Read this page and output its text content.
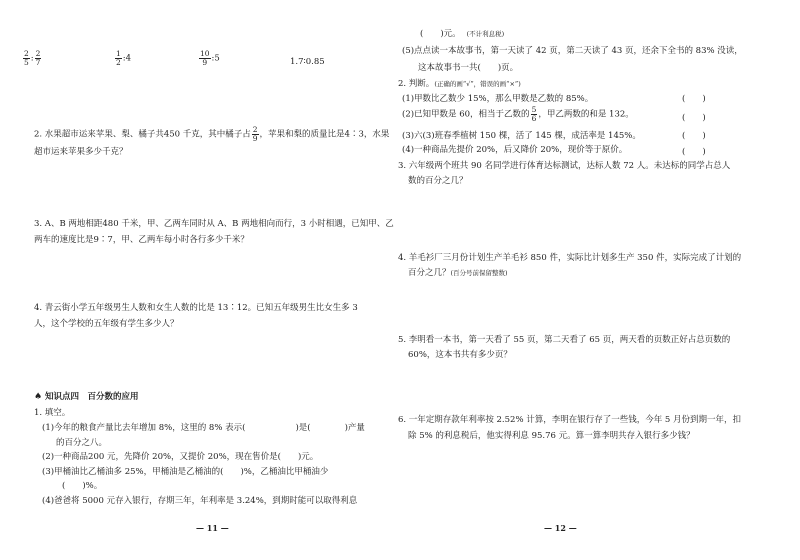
$\frac{2}{5}$ : $\frac{2}{7}$	$\frac{1}{2}$ :4	$\frac{10}{9}$ :5	1.7∶0.85
2. 水果超市运来苹果、梨、橘子共450 千克，其中橘子占 $\frac{2}{9}$ ，苹果和梨的质量比是4∶3，水果
超市运来苹果多少千克？
3. A、B 两地相距480 千米，甲、乙两车同时从 A、B 两地相向而行，3 小时相遇，已知甲、乙
两车的速度比是9∶7，甲、乙两车每小时各行多少千米？
4. 青云街小学五年级男生人数和女生人数的比是 13∶12。已知五年级男生比女生多 3
人，这个学校的五年级有学生多少人？
♠ 知识点四　百分数的应用
1. 填空。
(1)今年的粮食产量比去年增加 8%，这里的 8% 表示(	)是(	)产量
的百分之八。
(2)一种商品200 元，先降价 20%，又提价 20%，现在售价是(　　)元。
(3)甲桶油比乙桶油多 25%，甲桶油是乙桶油的(　　)%，乙桶油比甲桶油少
(　　)%。
(4)爸爸将 5000 元存入银行，存期三年，年利率是 3.24%，到期时能可以取得利息
— 11 —
(　　)元。 (不计利息税)
(5)点点读一本故事书，第一天读了 42 页，第二天读了 43 页，还余下全书的 83% 没读，
这本故事书一共(　　)页。
2. 判断。(正确的画“√”，错误的画“×”)
(1)甲数比乙数少 15%，那么甲数是乙数的 85%。	(　　)
(2)已知甲数是 60，相当于乙数的 $\frac{5}{6}$ ，甲乙两数的和是 132。	(　　)
(3)六(3)班春季植树 150 棵，活了 145 棵，成活率是 145%。	(　　)
(4)一种商品先提价 20%，后又降价 20%，现价等于原价。	(　　)
3. 六年级两个班共 90 名同学进行体育达标测试，达标人数 72 人。未达标的同学占总人
数的百分之几？
4. 羊毛衫厂三月份计划生产羊毛衫 850 件，实际比计划多生产 350 件，实际完成了计划的
百分之几？(百分号前保留整数)
5. 李明看一本书，第一天看了 55 页，第二天看了 65 页，两天看的页数正好占总页数的
60%，这本书共有多少页？
6. 一年定期存款年利率按 2.52% 计算，李明在银行存了一些钱，今年 5 月份到期一年，扣
除 5% 的利息税后，他实得利息 95.76 元。算一算李明共存入银行多少钱？
— 12 —
